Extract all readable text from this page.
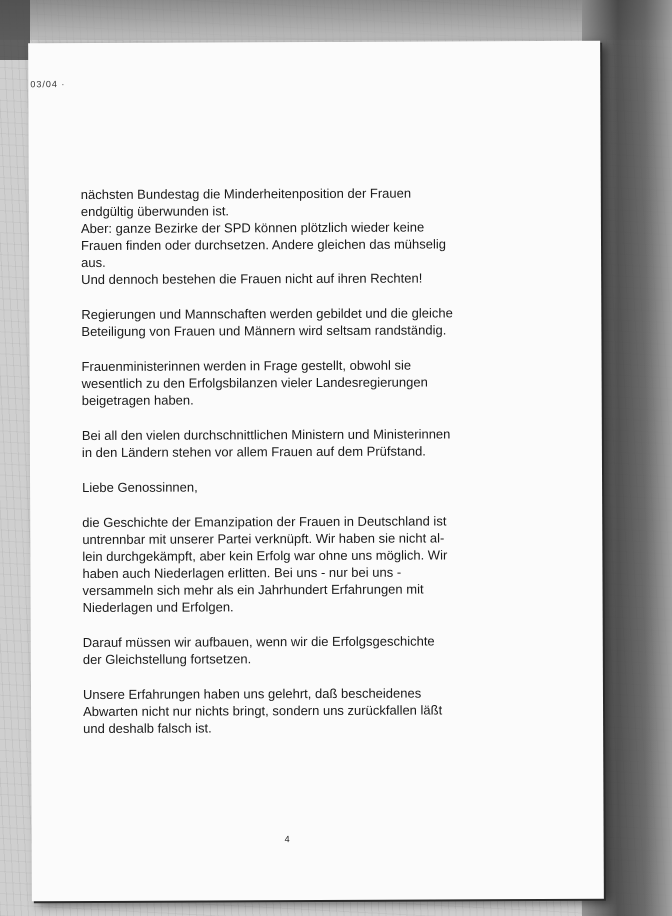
03/04 ·

nächsten Bundestag die Minderheitenposition der Frauen
endgültig überwunden ist.
Aber: ganze Bezirke der SPD können plötzlich wieder keine
Frauen finden oder durchsetzen. Andere gleichen das mühselig
aus.
Und dennoch bestehen die Frauen nicht auf ihren Rechten!

Regierungen und Mannschaften werden gebildet und die gleiche
Beteiligung von Frauen und Männern wird seltsam randständig.

Frauenministerinnen werden in Frage gestellt, obwohl sie
wesentlich zu den Erfolgsbilanzen vieler Landesregierungen
beigetragen haben.

Bei all den vielen durchschnittlichen Ministern und Ministerinnen
in den Ländern stehen vor allem Frauen auf dem Prüfstand.

Liebe Genossinnen,

die Geschichte der Emanzipation der Frauen in Deutschland ist
untrennbar mit unserer Partei verknüpft. Wir haben sie nicht al-
lein durchgekämpft, aber kein Erfolg war ohne uns möglich. Wir
haben auch Niederlagen erlitten. Bei uns - nur bei uns -
versammeln sich mehr als ein Jahrhundert Erfahrungen mit
Niederlagen und Erfolgen.

Darauf müssen wir aufbauen, wenn wir die Erfolgsgeschichte
der Gleichstellung fortsetzen.

Unsere Erfahrungen haben uns gelehrt, daß bescheidenes
Abwarten nicht nur nichts bringt, sondern uns zurückfallen läßt
und deshalb falsch ist.

4
